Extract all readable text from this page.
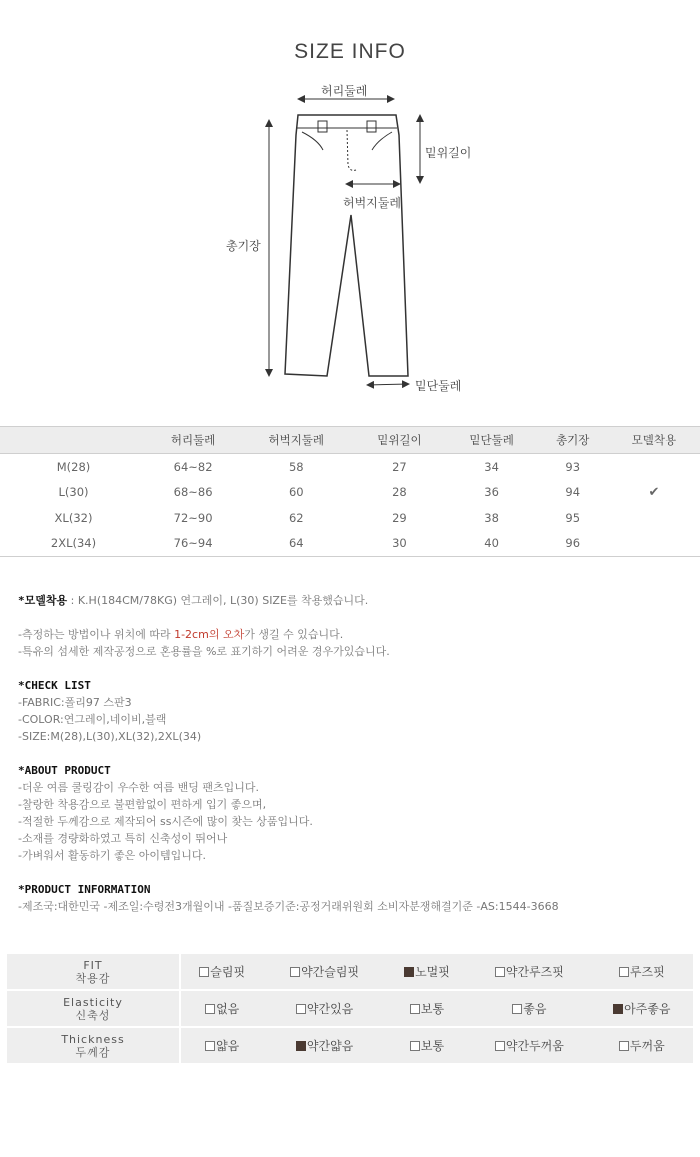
SIZE INFO
허리둘레
밑위길이
허벅지둘레
총기장
밑단둘레
	허리둘레	허벅지둘레	밑위길이	밑단둘레	총기장	모델착용
M(28)	64~82	58	27	34	93	
L(30)	68~86	60	28	36	94	✔
XL(32)	72~90	62	29	38	95	
2XL(34)	76~94	64	30	40	96	

*모델착용 : K.H(184CM/78KG) 연그레이, L(30) SIZE를 착용했습니다.

-측정하는 방법이나 위치에 따라 1-2cm의 오차가 생길 수 있습니다.

-특유의 섬세한 제작공정으로 혼용률을 %로 표기하기 어려운 경우가있습니다.

*CHECK LIST

-FABRIC:폴리97 스판3

-COLOR:연그레이,네이비,블랙

-SIZE:M(28),L(30),XL(32),2XL(34)

*ABOUT PRODUCT

-더운 여름 쿨링감이 우수한 여름 밴딩 팬츠입니다.

-찰랑한 착용감으로 불편함없이 편하게 입기 좋으며,

-적절한 두께감으로 제작되어 ss시즌에 많이 찾는 상품입니다.

-소재를 경량화하였고 특히 신축성이 뛰어나

-가벼워서 활동하기 좋은 아이템입니다.

*PRODUCT INFORMATION

-제조국:대한민국 -제조일:수령전3개월이내 -품질보증기준:공정거래위원회 소비자분쟁해결기준 -AS:1544-3668

FIT
착용감	슬림핏	약간슬림핏	노멀핏	약간루즈핏	루즈핏
Elasticity
신축성	없음	약간있음	보통	좋음	아주좋음
Thickness
두께감	얇음	약간얇음	보통	약간두꺼움	두꺼움
